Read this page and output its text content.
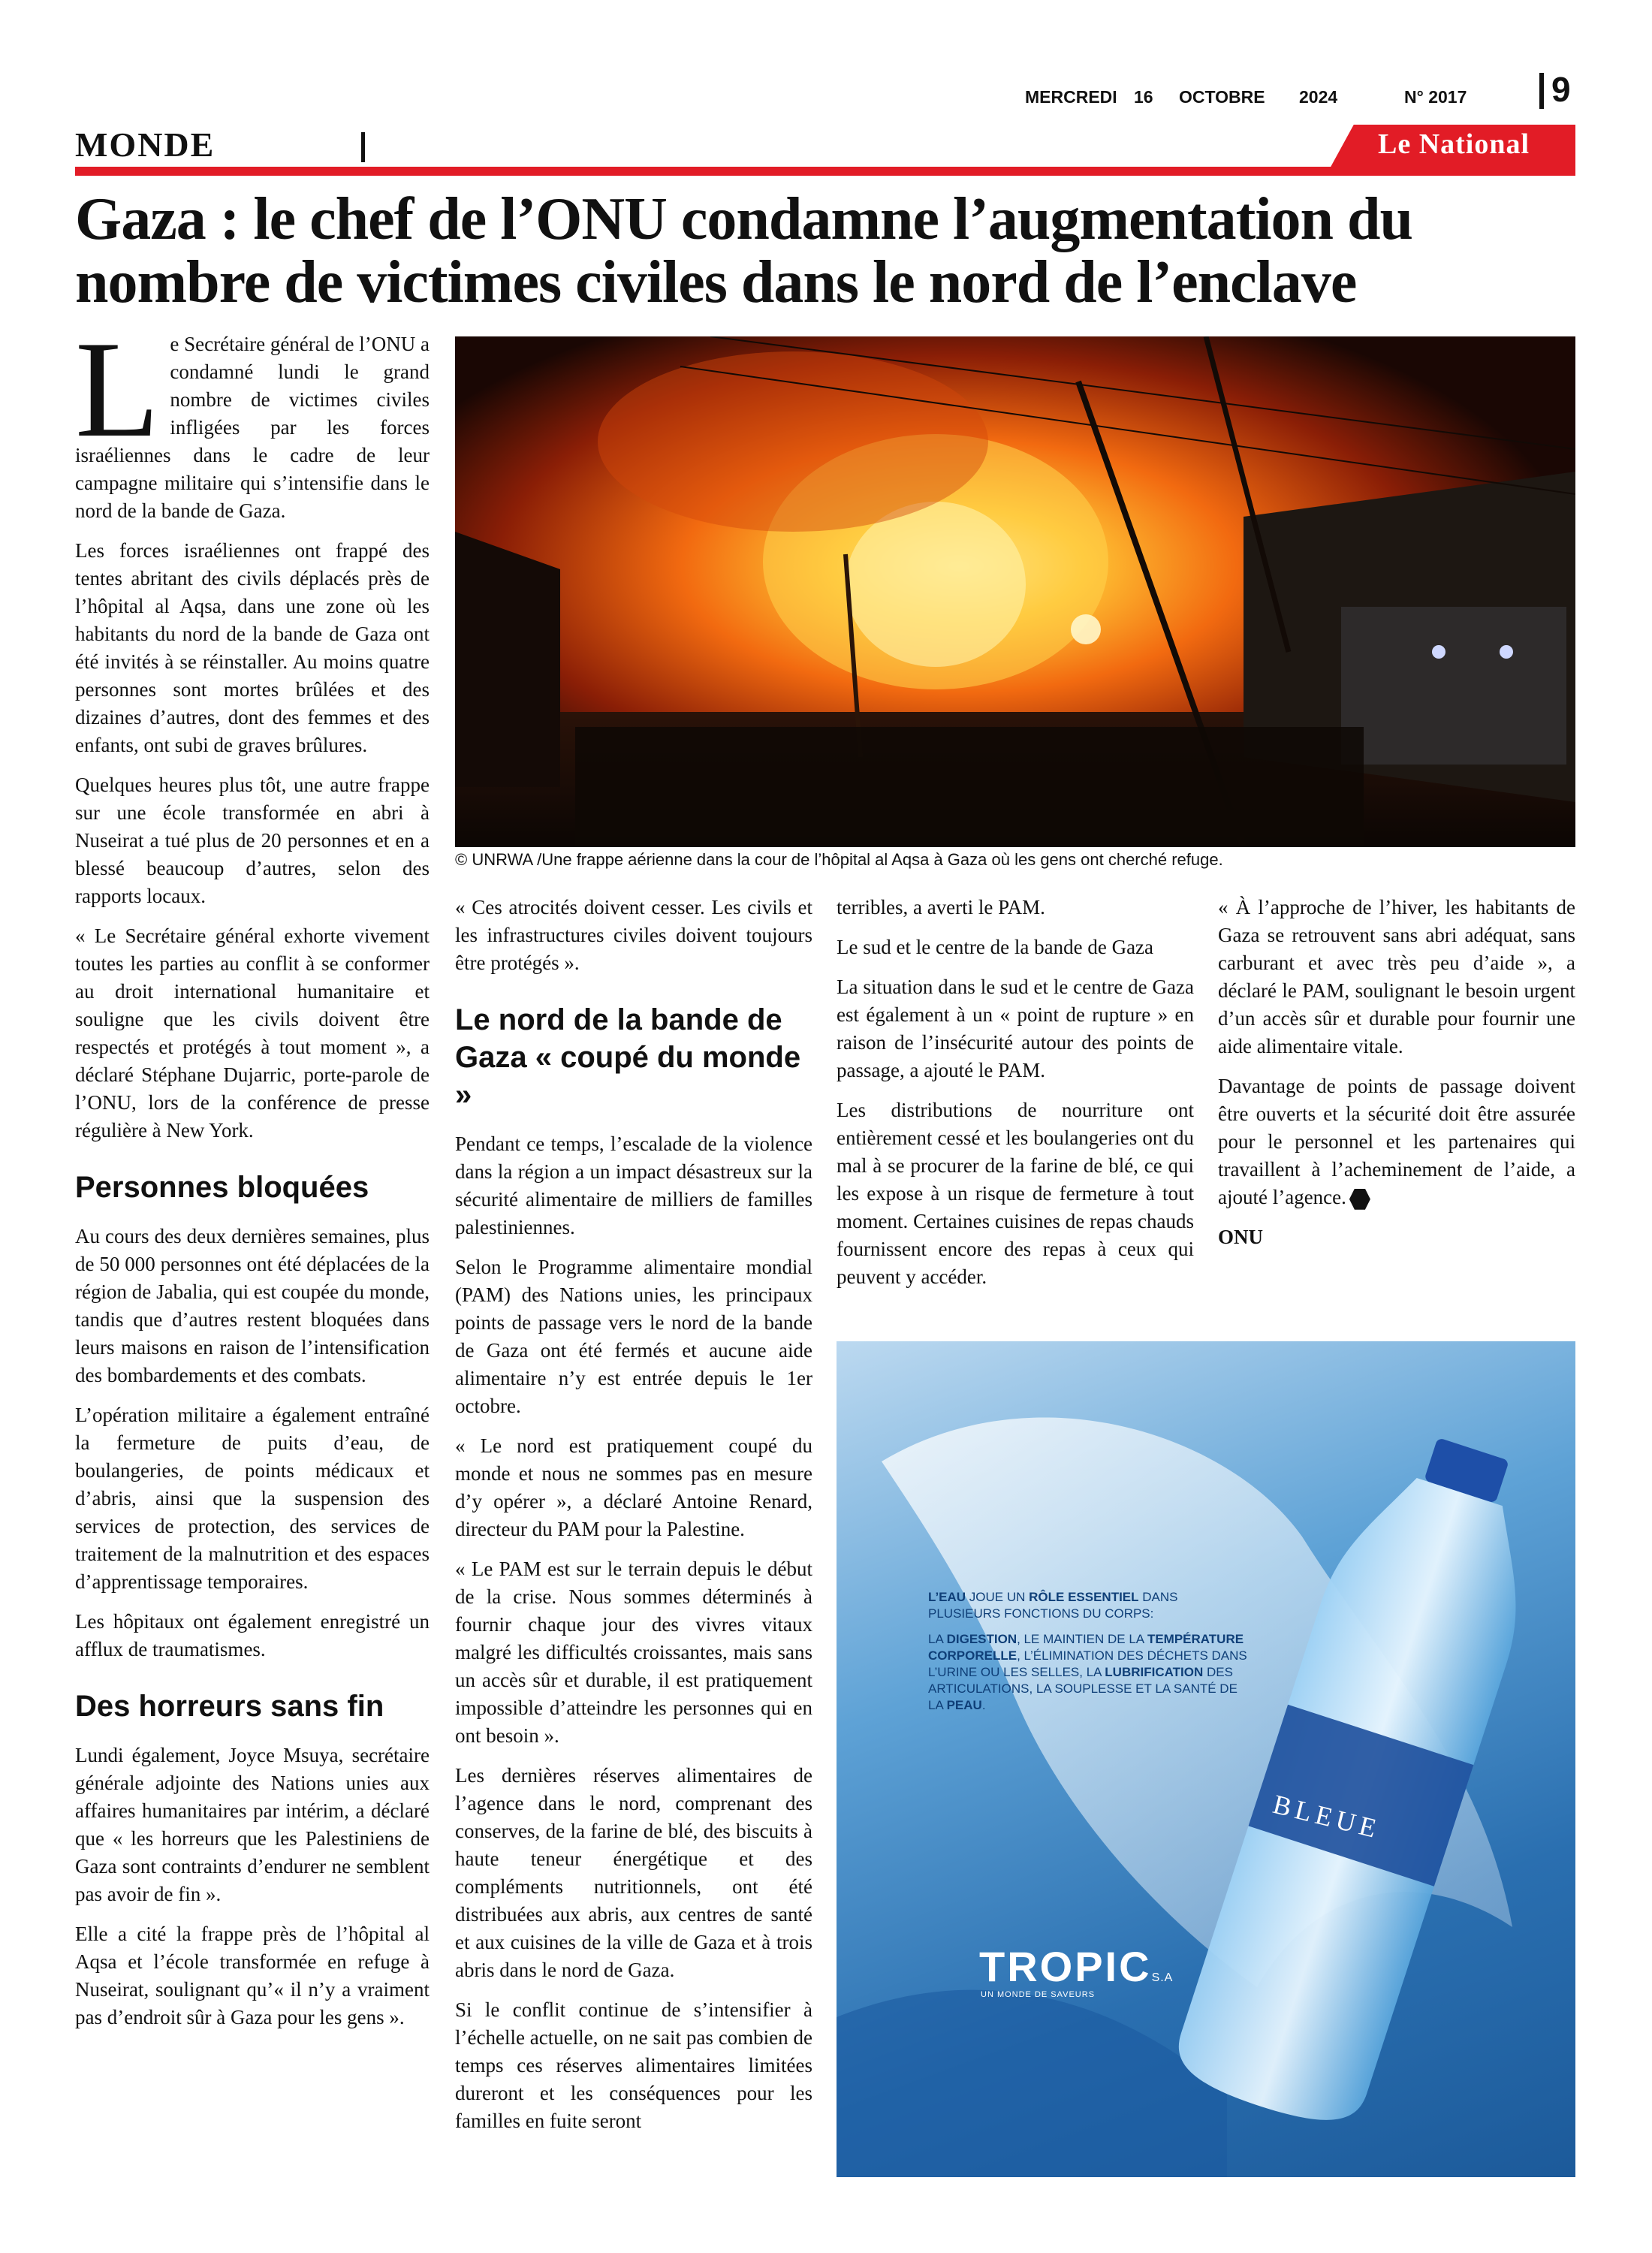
MERCREDI 16 OCTOBRE 2024	N° 2017 9
MONDE	Le National
Gaza : le chef de l’ONU condamne l’augmentation du nombre de victimes civiles dans le nord de l’enclave

Le Secrétaire général de l’ONU a condamné lundi le grand nombre de victimes civiles infligées par les forces israéliennes dans le cadre de leur campagne militaire qui s’intensifie dans le nord de la bande de Gaza.

Les forces israéliennes ont frappé des tentes abritant des civils déplacés près de l’hôpital al Aqsa, dans une zone où les habitants du nord de la bande de Gaza ont été invités à se réinstaller. Au moins quatre personnes sont mortes brûlées et des dizaines d’autres, dont des femmes et des enfants, ont subi de graves brûlures.

Quelques heures plus tôt, une autre frappe sur une école transformée en abri à Nuseirat a tué plus de 20 personnes et en a blessé beaucoup d’autres, selon des rapports locaux.

« Le Secrétaire général exhorte vivement toutes les parties au conflit à se conformer au droit international humanitaire et souligne que les civils doivent être respectés et protégés à tout moment », a déclaré Stéphane Dujarric, porte-parole de l’ONU, lors de la conférence de presse régulière à New York.

Personnes bloquées

Au cours des deux dernières semaines, plus de 50 000 personnes ont été déplacées de la région de Jabalia, qui est coupée du monde, tandis que d’autres restent bloquées dans leurs maisons en raison de l’intensification des bombardements et des combats.

L’opération militaire a également entraîné la fermeture de puits d’eau, de boulangeries, de points médicaux et d’abris, ainsi que la suspension des services de protection, des services de traitement de la malnutrition et des espaces d’apprentissage temporaires.

Les hôpitaux ont également enregistré un afflux de traumatismes.

Des horreurs sans fin

Lundi également, Joyce Msuya, secrétaire générale adjointe des Nations unies aux affaires humanitaires par intérim, a déclaré que « les horreurs que les Palestiniens de Gaza sont contraints d’endurer ne semblent pas avoir de fin ».

Elle a cité la frappe près de l’hôpital al Aqsa et l’école transformée en refuge à Nuseirat, soulignant qu’« il n’y a vraiment pas d’endroit sûr à Gaza pour les gens ».

© UNRWA /Une frappe aérienne dans la cour de l’hôpital al Aqsa à Gaza où les gens ont cherché refuge.

« Ces atrocités doivent cesser. Les civils et les infrastructures civiles doivent toujours être protégés ».

Le nord de la bande de Gaza « coupé du monde »

Pendant ce temps, l’escalade de la violence dans la région a un impact désastreux sur la sécurité alimentaire de milliers de familles palestiniennes.

Selon le Programme alimentaire mondial (PAM) des Nations unies, les principaux points de passage vers le nord de la bande de Gaza ont été fermés et aucune aide alimentaire n’y est entrée depuis le 1er octobre.

« Le nord est pratiquement coupé du monde et nous ne sommes pas en mesure d’y opérer », a déclaré Antoine Renard, directeur du PAM pour la Palestine.

« Le PAM est sur le terrain depuis le début de la crise. Nous sommes déterminés à fournir chaque jour des vivres vitaux malgré les difficultés croissantes, mais sans un accès sûr et durable, il est pratiquement impossible d’atteindre les personnes qui en ont besoin ».

Les dernières réserves alimentaires de l’agence dans le nord, comprenant des conserves, de la farine de blé, des biscuits à haute teneur énergétique et des compléments nutritionnels, ont été distribuées aux abris, aux centres de santé et aux cuisines de la ville de Gaza et à trois abris dans le nord de Gaza.

Si le conflit continue de s’intensifier à l’échelle actuelle, on ne sait pas combien de temps ces réserves alimentaires limitées dureront et les conséquences pour les familles en fuite seront

terribles, a averti le PAM.

Le sud et le centre de la bande de Gaza

La situation dans le sud et le centre de Gaza est également à un « point de rupture » en raison de l’insécurité autour des points de passage, a ajouté le PAM.

Les distributions de nourriture ont entièrement cessé et les boulangeries ont du mal à se procurer de la farine de blé, ce qui les expose à un risque de fermeture à tout moment. Certaines cuisines de repas chauds fournissent encore des repas à ceux qui peuvent y accéder.

« À l’approche de l’hiver, les habitants de Gaza se retrouvent sans abri adéquat, sans carburant et avec très peu d’aide », a déclaré le PAM, soulignant le besoin urgent d’un accès sûr et durable pour fournir une aide alimentaire vitale.

Davantage de points de passage doivent être ouverts et la sécurité doit être assurée pour le personnel et les partenaires qui travaillent à l’acheminement de l’aide, a ajouté l’agence.

ONU

L’EAU JOUE UN RÔLE ESSENTIEL DANS PLUSIEURS FONCTIONS DU CORPS:

LA DIGESTION, LE MAINTIEN DE LA TEMPÉRATURE CORPORELLE, L’ÉLIMINATION DES DÉCHETS DANS L’URINE OU LES SELLES, LA LUBRIFICATION DES ARTICULATIONS, LA SOUPLESSE ET LA SANTÉ DE LA PEAU.

BLEUE
TROPICS.A
UN MONDE DE SAVEURS
